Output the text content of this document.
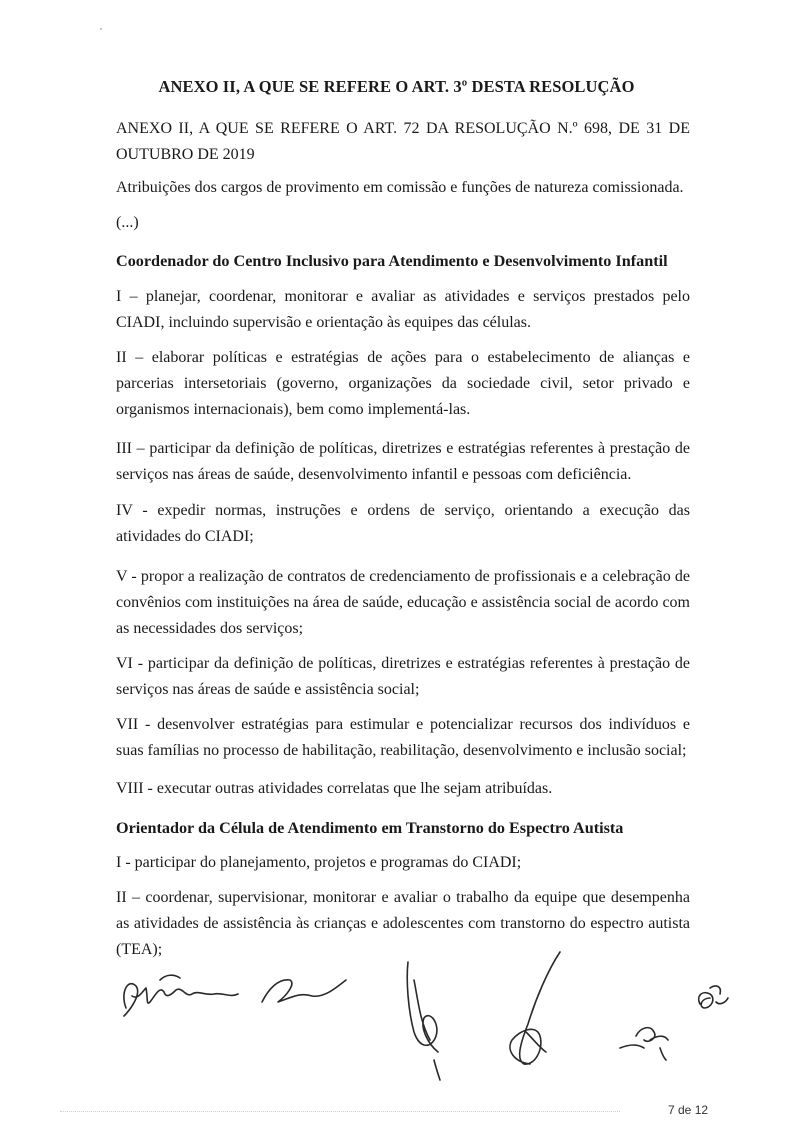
ANEXO II, A QUE SE REFERE O ART. 3º DESTA RESOLUÇÃO
ANEXO II, A QUE SE REFERE O ART. 72 DA RESOLUÇÃO N.º 698, DE 31 DE OUTUBRO DE 2019
Atribuições dos cargos de provimento em comissão e funções de natureza comissionada.
(...)
Coordenador do Centro Inclusivo para Atendimento e Desenvolvimento Infantil
I – planejar, coordenar, monitorar e avaliar as atividades e serviços prestados pelo CIADI, incluindo supervisão e orientação às equipes das células.
II – elaborar políticas e estratégias de ações para o estabelecimento de alianças e parcerias intersetoriais (governo, organizações da sociedade civil, setor privado e organismos internacionais), bem como implementá-las.
III – participar da definição de políticas, diretrizes e estratégias referentes à prestação de serviços nas áreas de saúde, desenvolvimento infantil e pessoas com deficiência.
IV - expedir normas, instruções e ordens de serviço, orientando a execução das atividades do CIADI;
V - propor a realização de contratos de credenciamento de profissionais e a celebração de convênios com instituições na área de saúde, educação e assistência social de acordo com as necessidades dos serviços;
VI - participar da definição de políticas, diretrizes e estratégias referentes à prestação de serviços nas áreas de saúde e assistência social;
VII - desenvolver estratégias para estimular e potencializar recursos dos indivíduos e suas famílias no processo de habilitação, reabilitação, desenvolvimento e inclusão social;
VIII - executar outras atividades correlatas que lhe sejam atribuídas.
Orientador da Célula de Atendimento em Transtorno do Espectro Autista
I - participar do planejamento, projetos e programas do CIADI;
II – coordenar, supervisionar, monitorar e avaliar o trabalho da equipe que desempenha as atividades de assistência às crianças e adolescentes com transtorno do espectro autista (TEA);
7 de 12
